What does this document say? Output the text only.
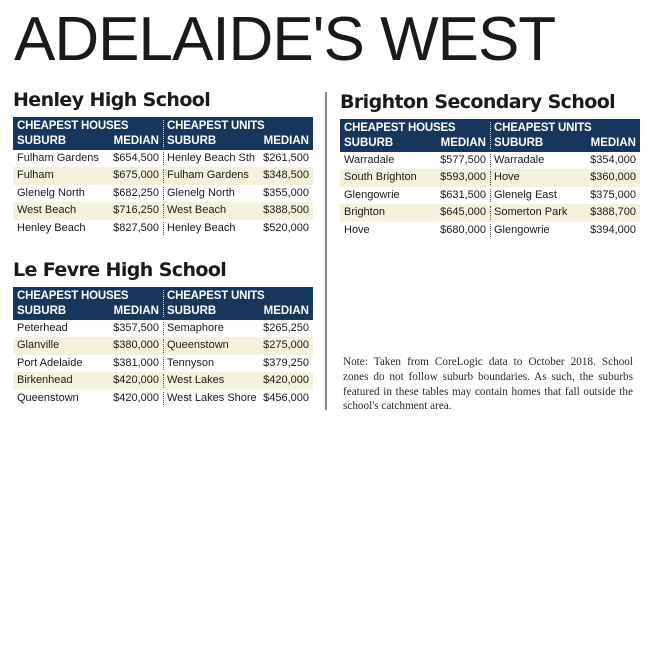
ADELAIDE'S WEST
Henley High School
CHEAPEST HOUSES
SUBURB	MEDIAN
CHEAPEST UNITS
SUBURB	MEDIAN
Fulham Gardens $654,500 Henley Beach Sth $261,500
Fulham	$675,000 Fulham Gardens $348,500
Glenelg North	$682,250 Glenelg North	$355,000
West Beach	$716,250 West Beach	$388,500
Henley Beach	$827,500 Henley Beach	$520,000
Le Fevre High School
CHEAPEST HOUSES
SUBURB	MEDIAN
CHEAPEST UNITS
SUBURB	MEDIAN
Peterhead	$357,500 Semaphore	$265,250
Glanville	$380,000 Queenstown	$275,000
Port Adelaide	$381,000 Tennyson	$379,250
Birkenhead	$420,000 West Lakes	$420,000
Queenstown	$420,000 West Lakes Shore $456,000
Brighton Secondary School
CHEAPEST HOUSES
SUBURB	MEDIAN
CHEAPEST UNITS
SUBURB	MEDIAN
Warradale	$577,500 Warradale	$354,000
South Brighton $593,000 Hove	$360,000
Glengowrie	$631,500 Glenelg East	$375,000
Brighton	$645,000 Somerton Park $388,700
Hove	$680,000 Glengowrie	$394,000
Note: Taken from CoreLogic data to October 2018. School zones do not follow suburb boundaries. As such, the suburbs featured in these tables may contain homes that fall outside the school's catchment area.
